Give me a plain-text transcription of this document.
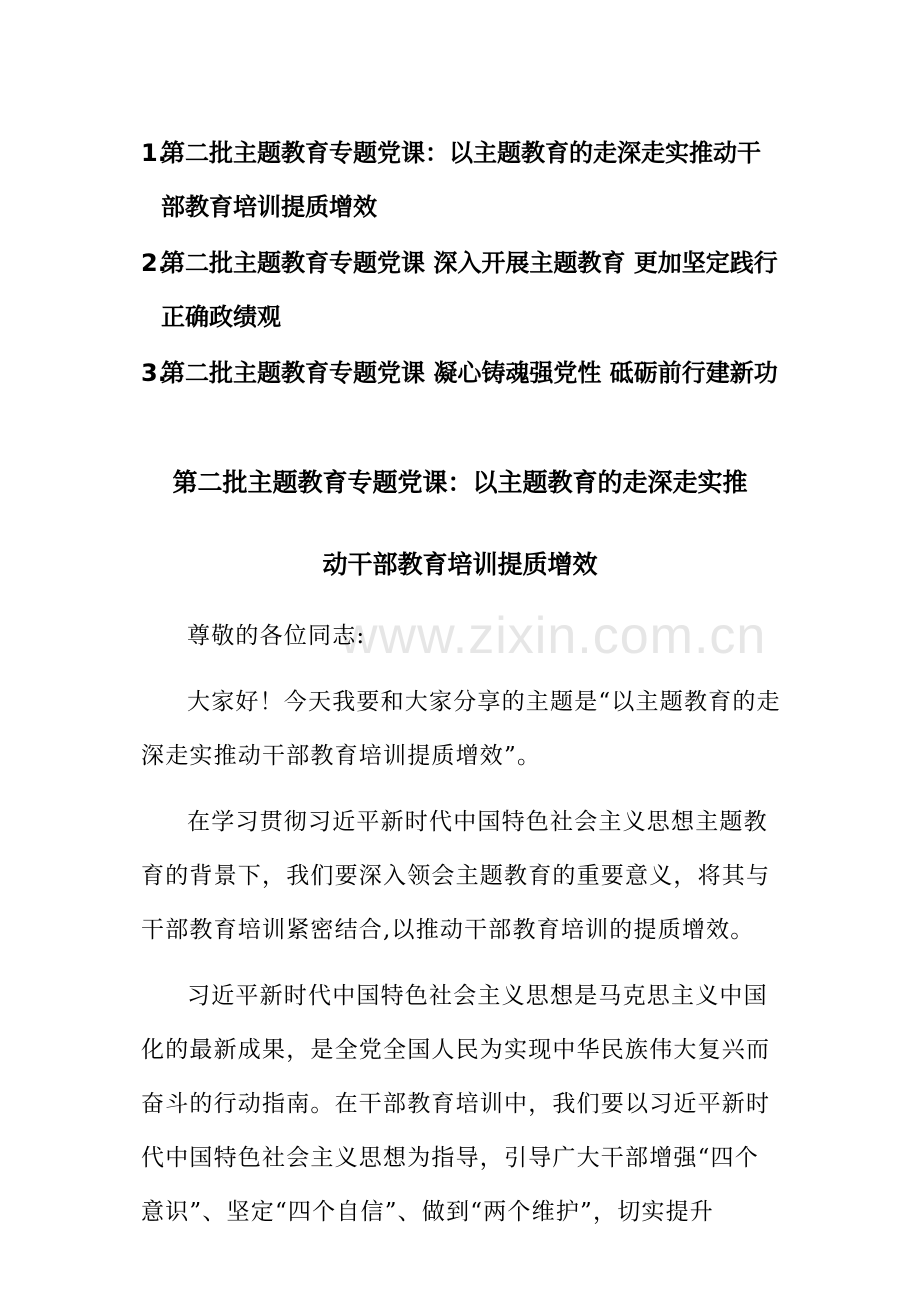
www.zixin.com.cn
1.第二批主题教育专题党课：以主题教育的走深走实推动干部教育培训提质增效
2.第二批主题教育专题党课 深入开展主题教育 更加坚定践行正确政绩观
3.第二批主题教育专题党课 凝心铸魂强党性 砥砺前行建新功
第二批主题教育专题党课：以主题教育的走深走实推
动干部教育培训提质增效

尊敬的各位同志:

大家好！今天我要和大家分享的主题是“以主题教育的走深走实推动干部教育培训提质增效”。

在学习贯彻习近平新时代中国特色社会主义思想主题教育的背景下，我们要深入领会主题教育的重要意义，将其与干部教育培训紧密结合,以推动干部教育培训的提质增效。

习近平新时代中国特色社会主义思想是马克思主义中国化的最新成果，是全党全国人民为实现中华民族伟大复兴而奋斗的行动指南。在干部教育培训中，我们要以习近平新时代中国特色社会主义思想为指导，引导广大干部增强“四个意识”、坚定“四个自信”、做到“两个维护”，切实提升
